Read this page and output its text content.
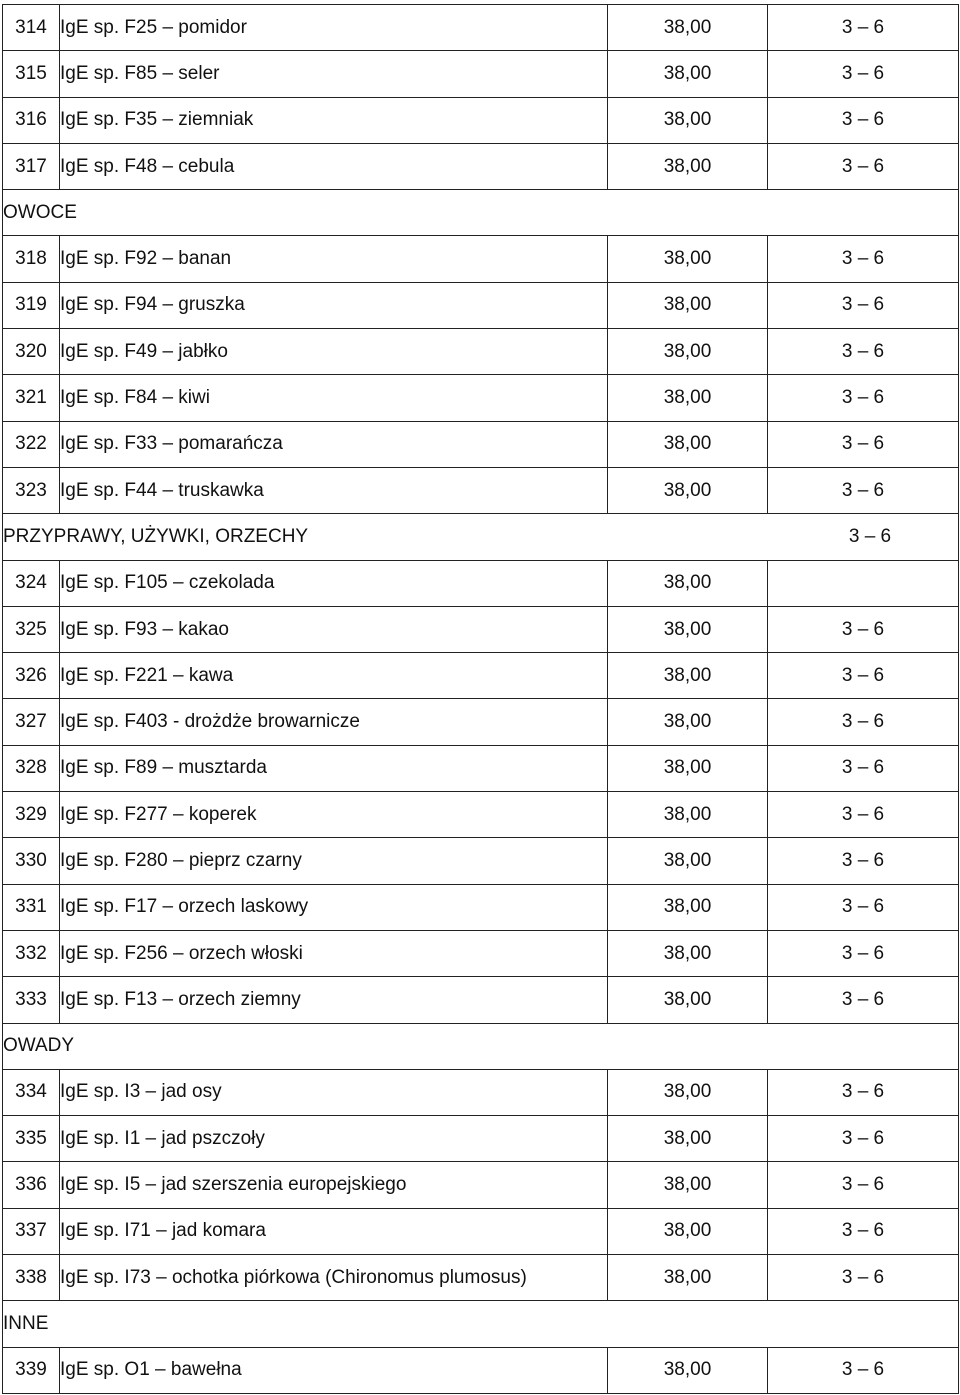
314	IgE sp. F25 – pomidor	38,00	3 – 6
315	IgE sp. F85 – seler	38,00	3 – 6
316	IgE sp. F35 – ziemniak	38,00	3 – 6
317	IgE sp. F48 – cebula	38,00	3 – 6
OWOCE			
318	IgE sp. F92 – banan	38,00	3 – 6
319	IgE sp. F94 – gruszka	38,00	3 – 6
320	IgE sp. F49 – jabłko	38,00	3 – 6
321	IgE sp. F84 – kiwi	38,00	3 – 6
322	IgE sp. F33 – pomarańcza	38,00	3 – 6
323	IgE sp. F44 – truskawka	38,00	3 – 6

PRZYPRAWY, UŻYWKI, ORZECHY 3 – 6			

324	IgE sp. F105 – czekolada	38,00	
325	IgE sp. F93 – kakao	38,00	3 – 6
326	IgE sp. F221 – kawa	38,00	3 – 6
327	IgE sp. F403 - drożdże browarnicze	38,00	3 – 6
328	IgE sp. F89 – musztarda	38,00	3 – 6
329	IgE sp. F277 – koperek	38,00	3 – 6
330	IgE sp. F280 – pieprz czarny	38,00	3 – 6
331	IgE sp. F17 – orzech laskowy	38,00	3 – 6
332	IgE sp. F256 – orzech włoski	38,00	3 – 6
333	IgE sp. F13 – orzech ziemny	38,00	3 – 6
OWADY			
334	IgE sp. I3 – jad osy	38,00	3 – 6
335	IgE sp. I1 – jad pszczoły	38,00	3 – 6
336	IgE sp. I5 – jad szerszenia europejskiego	38,00	3 – 6
337	IgE sp. I71 – jad komara	38,00	3 – 6
338	IgE sp. I73 – ochotka piórkowa (Chironomus plumosus)	38,00	3 – 6
INNE			
339	IgE sp. O1 – bawełna	38,00	3 – 6
